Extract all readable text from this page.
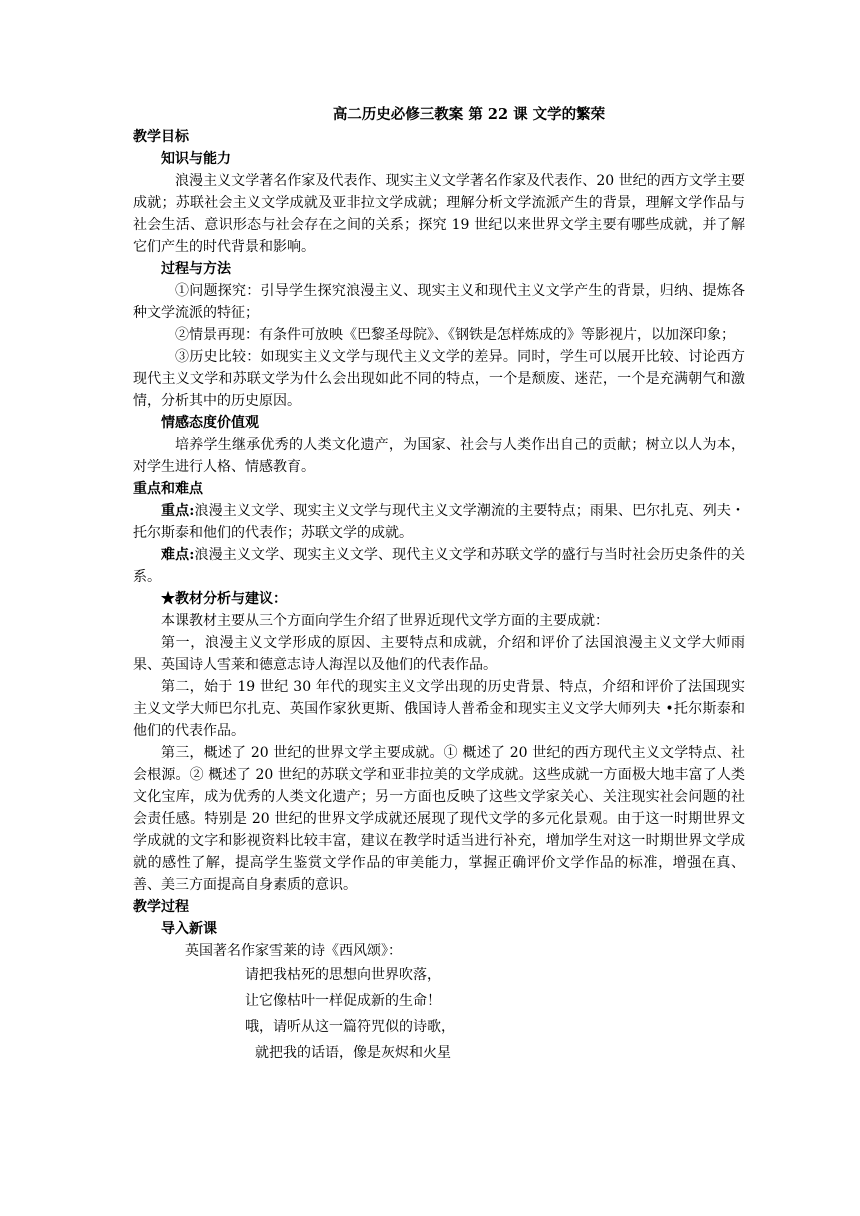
高二历史必修三教案 第 22 课 文学的繁荣
教学目标
知识与能力

浪漫主义文学著名作家及代表作、现实主义文学著名作家及代表作、20 世纪的西方文学主要成就；苏联社会主义文学成就及亚非拉文学成就；理解分析文学流派产生的背景，理解文学作品与社会生活、意识形态与社会存在之间的关系；探究 19 世纪以来世界文学主要有哪些成就，并了解它们产生的时代背景和影响。

过程与方法

①问题探究：引导学生探究浪漫主义、现实主义和现代主义文学产生的背景，归纳、提炼各种文学流派的特征；

②情景再现：有条件可放映《巴黎圣母院》、《钢铁是怎样炼成的》等影视片，以加深印象；

③历史比较：如现实主义文学与现代主义文学的差异。同时，学生可以展开比较、讨论西方现代主义文学和苏联文学为什么会出现如此不同的特点，一个是颓废、迷茫，一个是充满朝气和激情，分析其中的历史原因。

情感态度价值观

培养学生继承优秀的人类文化遗产，为国家、社会与人类作出自己的贡献；树立以人为本，对学生进行人格、情感教育。

重点和难点

重点:浪漫主义文学、现实主义文学与现代主义文学潮流的主要特点；雨果、巴尔扎克、列夫・托尔斯泰和他们的代表作；苏联文学的成就。

难点:浪漫主义文学、现实主义文学、现代主义文学和苏联文学的盛行与当时社会历史条件的关系。

★教材分析与建议：

本课教材主要从三个方面向学生介绍了世界近现代文学方面的主要成就：

第一，浪漫主义文学形成的原因、主要特点和成就，介绍和评价了法国浪漫主义文学大师雨果、英国诗人雪莱和德意志诗人海涅以及他们的代表作品。

第二，始于 19 世纪 30 年代的现实主义文学出现的历史背景、特点，介绍和评价了法国现实主义文学大师巴尔扎克、英国作家狄更斯、俄国诗人普希金和现实主义文学大师列夫 •托尔斯泰和他们的代表作品。

第三，概述了 20 世纪的世界文学主要成就。① 概述了 20 世纪的西方现代主义文学特点、社会根源。② 概述了 20 世纪的苏联文学和亚非拉美的文学成就。这些成就一方面极大地丰富了人类文化宝库，成为优秀的人类文化遗产；另一方面也反映了这些文学家关心、关注现实社会问题的社会责任感。特别是 20 世纪的世界文学成就还展现了现代文学的多元化景观。由于这一时期世界文学成就的文字和影视资料比较丰富，建议在教学时适当进行补充，增加学生对这一时期世界文学成就的感性了解，提高学生鉴赏文学作品的审美能力，掌握正确评价文学作品的标准，增强在真、善、美三方面提高自身素质的意识。

教学过程
导入新课
英国著名作家雪莱的诗《西风颂》：
请把我枯死的思想向世界吹落，
让它像枯叶一样促成新的生命！
哦，请听从这一篇符咒似的诗歌，
就把我的话语，像是灰烬和火星
